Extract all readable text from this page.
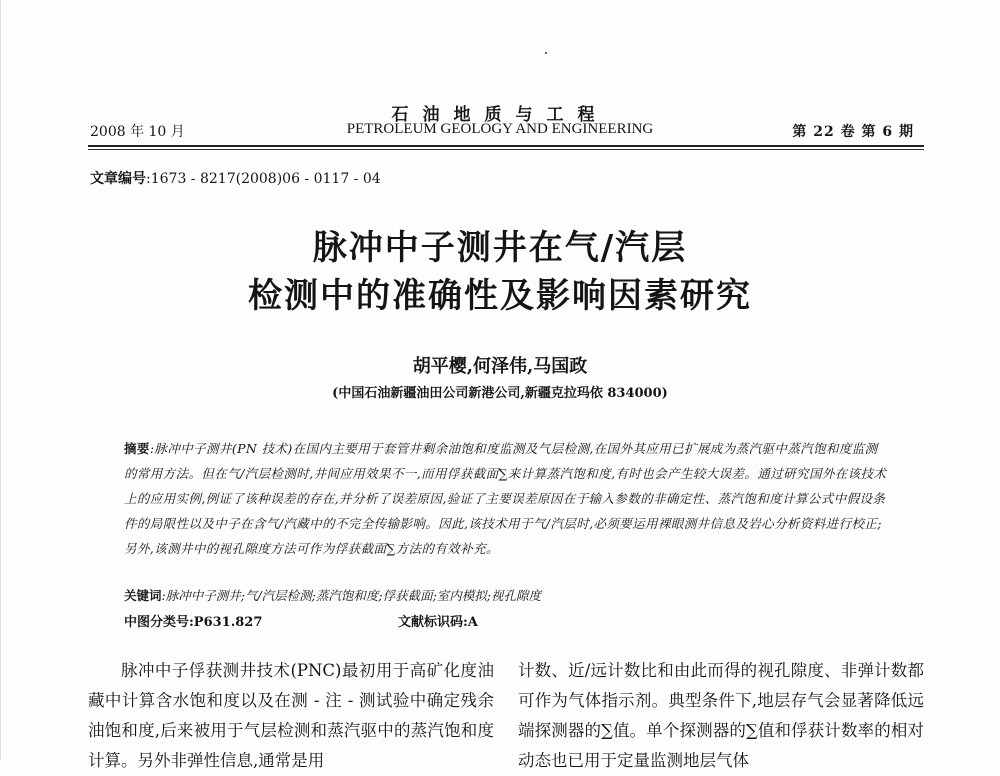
石油地质与工程
2008 年 10 月	PETROLEUM GEOLOGY AND ENGINEERING	第 22 卷 第 6 期
文章编号:1673 - 8217(2008)06 - 0117 - 04
脉冲中子测井在气/汽层
检测中的准确性及影响因素研究
胡平樱,何泽伟,马国政
(中国石油新疆油田公司新港公司,新疆克拉玛依 834000)
摘要:脉冲中子测井(PN 技术)在国内主要用于套管井剩余油饱和度监测及气层检测,在国外其应用已扩展成为蒸汽驱中蒸汽饱和度监测的常用方法。但在气/汽层检测时,井间应用效果不一,而用俘获截面∑来计算蒸汽饱和度,有时也会产生较大误差。通过研究国外在该技术上的应用实例,例证了该种误差的存在,并分析了误差原因,验证了主要误差原因在于输入参数的非确定性、蒸汽饱和度计算公式中假设条件的局限性以及中子在含气/汽藏中的不完全传输影响。因此,该技术用于气/汽层时,必须要运用裸眼测井信息及岩心分析资料进行校正;另外,该测井中的视孔隙度方法可作为俘获截面∑方法的有效补充。
关键词:脉冲中子测井;气/汽层检测;蒸汽饱和度;俘获截面;室内模拟;视孔隙度
中图分类号:P631.827	文献标识码:A
脉冲中子俘获测井技术(PNC)最初用于高矿化度油藏中计算含水饱和度以及在测 - 注 - 测试验中确定残余油饱和度,后来被用于气层检测和蒸汽驱中的蒸汽饱和度计算。另外非弹性信息,通常是用
计数、近/远计数比和由此而得的视孔隙度、非弹计数都可作为气体指示剂。典型条件下,地层存气会显著降低远端探测器的∑值。单个探测器的∑值和俘获计数率的相对动态也已用于定量监测地层气体
